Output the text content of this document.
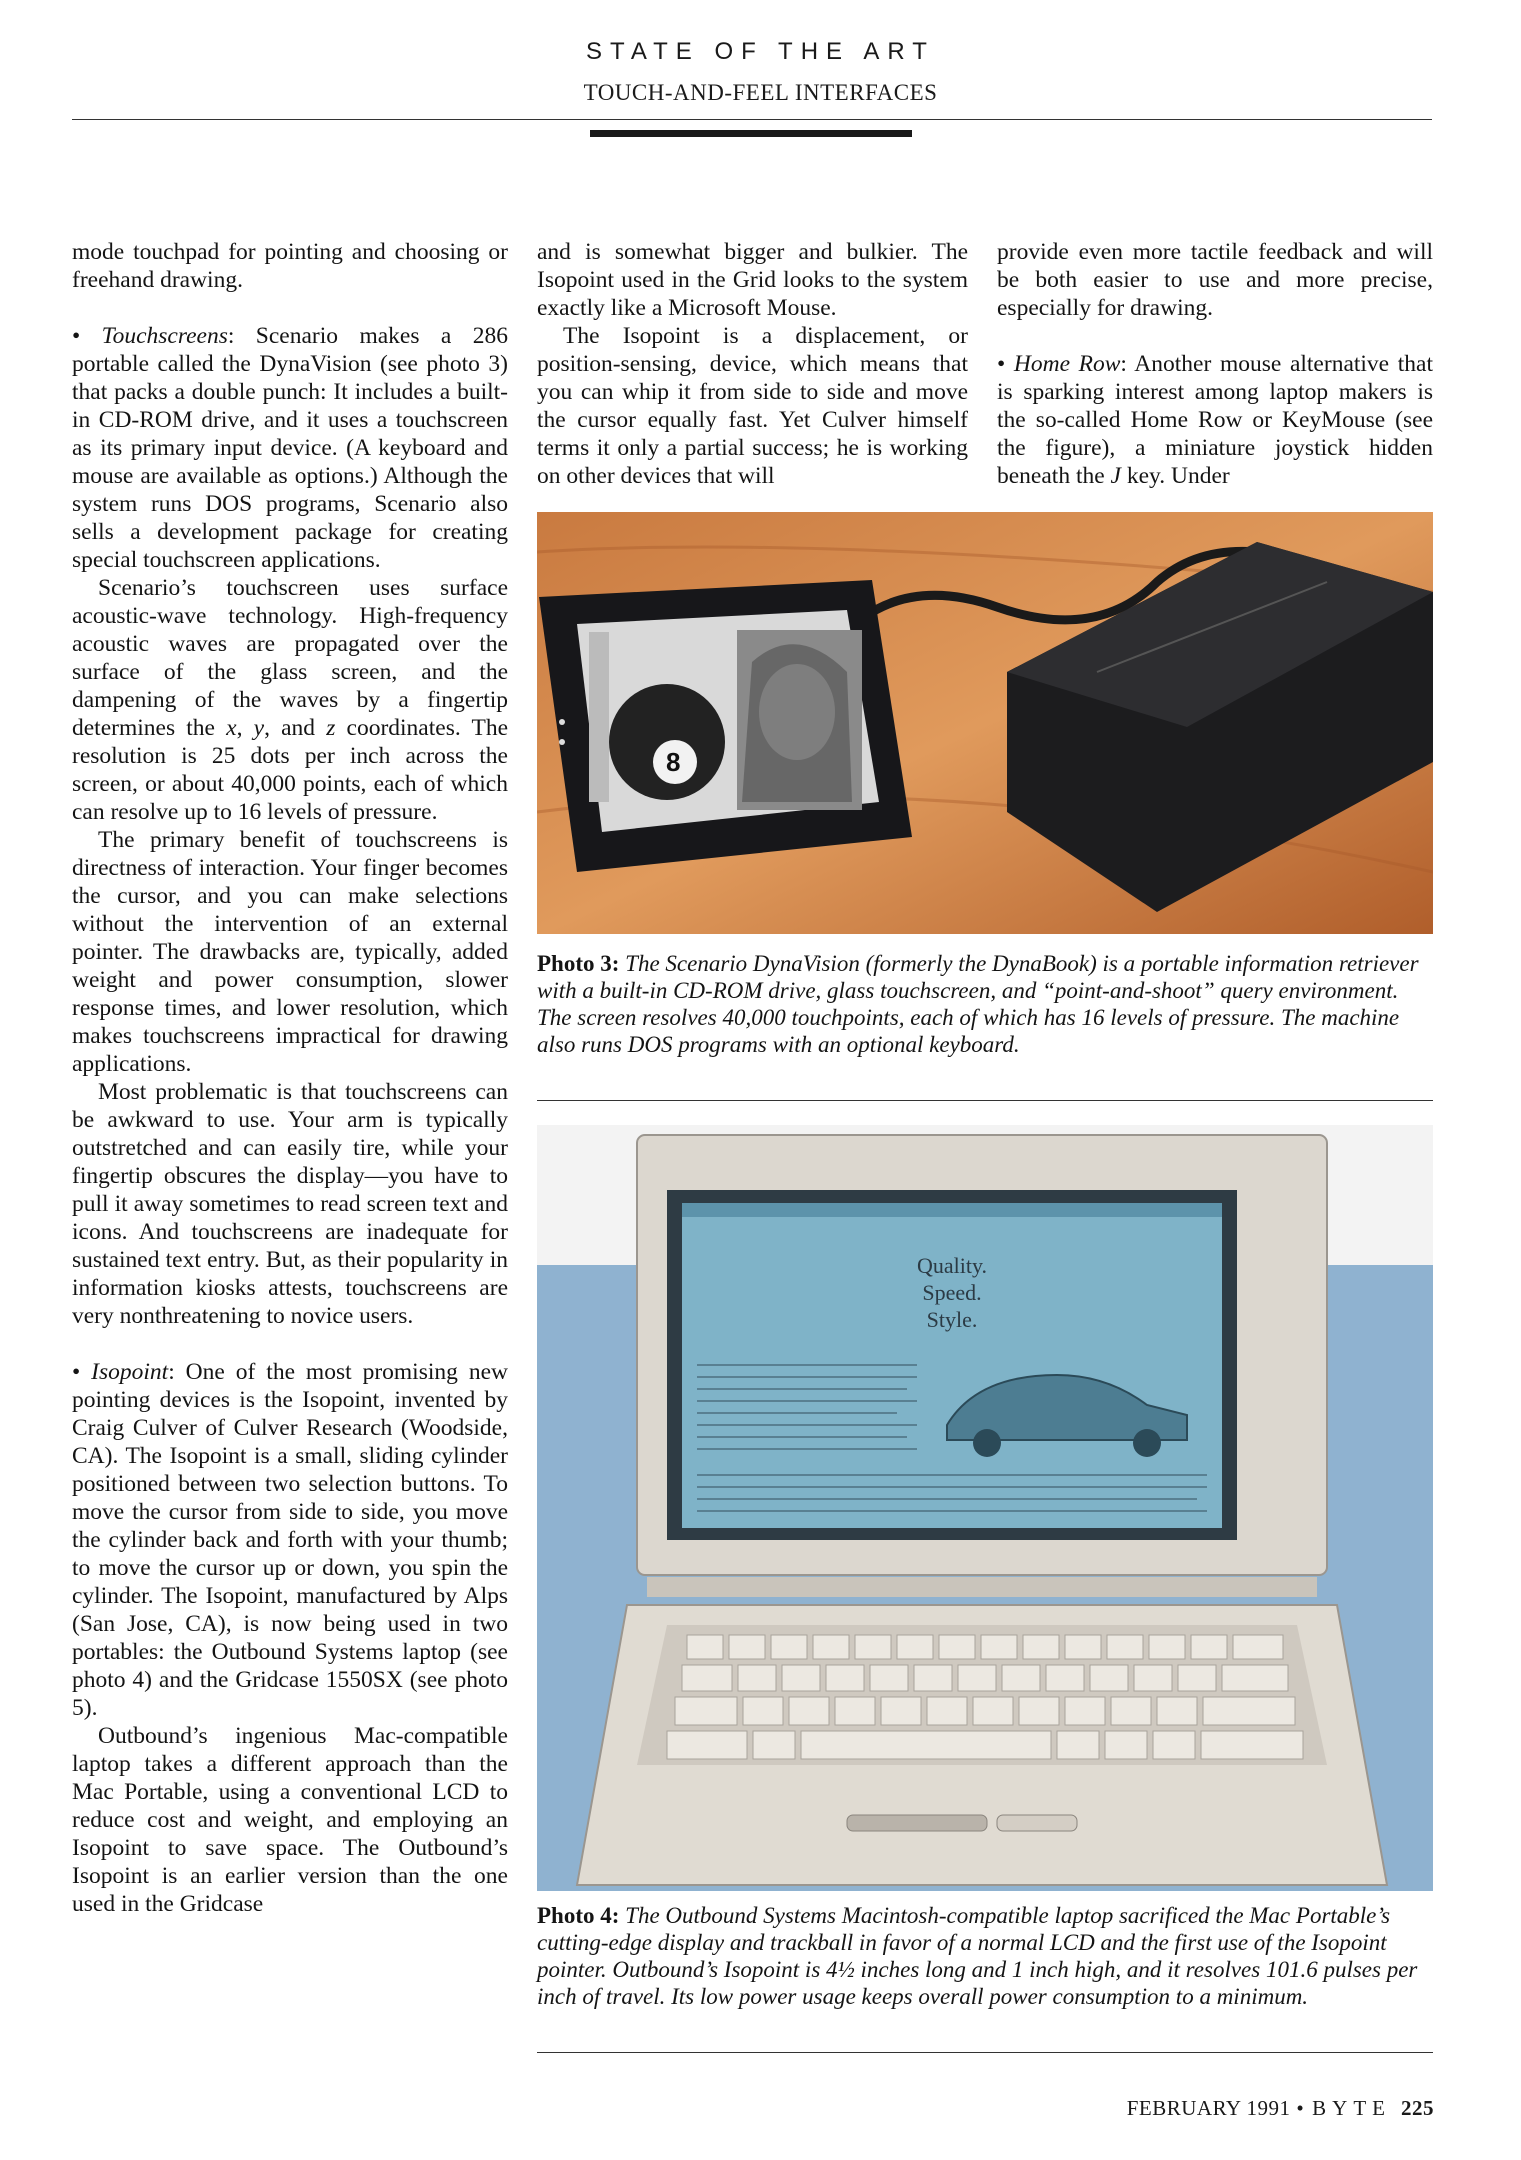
STATE OF THE ART
TOUCH-AND-FEEL INTERFACES

mode touchpad for pointing and choosing or freehand drawing.

• Touchscreens: Scenario makes a 286 portable called the DynaVision (see photo 3) that packs a double punch: It includes a built-in CD-ROM drive, and it uses a touchscreen as its primary input device. (A keyboard and mouse are available as options.) Although the system runs DOS programs, Scenario also sells a development package for creating special touchscreen applications.

Scenario’s touchscreen uses surface acoustic-wave technology. High-frequency acoustic waves are propagated over the surface of the glass screen, and the dampening of the waves by a fingertip determines the x, y, and z coordinates. The resolution is 25 dots per inch across the screen, or about 40,000 points, each of which can resolve up to 16 levels of pressure.

The primary benefit of touchscreens is directness of interaction. Your finger becomes the cursor, and you can make selections without the intervention of an external pointer. The drawbacks are, typically, added weight and power consumption, slower response times, and lower resolution, which makes touchscreens impractical for drawing applications.

Most problematic is that touchscreens can be awkward to use. Your arm is typically outstretched and can easily tire, while your fingertip obscures the display—you have to pull it away sometimes to read screen text and icons. And touchscreens are inadequate for sustained text entry. But, as their popularity in information kiosks attests, touchscreens are very nonthreatening to novice users.

• Isopoint: One of the most promising new pointing devices is the Isopoint, invented by Craig Culver of Culver Research (Woodside, CA). The Isopoint is a small, sliding cylinder positioned between two selection buttons. To move the cursor from side to side, you move the cylinder back and forth with your thumb; to move the cursor up or down, you spin the cylinder. The Isopoint, manufactured by Alps (San Jose, CA), is now being used in two portables: the Outbound Systems laptop (see photo 4) and the Gridcase 1550SX (see photo 5).

Outbound’s ingenious Mac-compatible laptop takes a different approach than the Mac Portable, using a conventional LCD to reduce cost and weight, and employing an Isopoint to save space. The Outbound’s Isopoint is an earlier version than the one used in the Gridcase

and is somewhat bigger and bulkier. The Isopoint used in the Grid looks to the system exactly like a Microsoft Mouse.

The Isopoint is a displacement, or position-sensing, device, which means that you can whip it from side to side and move the cursor equally fast. Yet Culver himself terms it only a partial success; he is working on other devices that will

provide even more tactile feedback and will be both easier to use and more precise, especially for drawing.

• Home Row: Another mouse alternative that is sparking interest among laptop makers is the so-called Home Row or KeyMouse (see the figure), a miniature joystick hidden beneath the J key. Under

8
Photo 3: The Scenario DynaVision (formerly the DynaBook) is a portable information retriever with a built-in CD-ROM drive, glass touchscreen, and “point-and-shoot” query environment. The screen resolves 40,000 touchpoints, each of which has 16 levels of pressure. The machine also runs DOS programs with an optional keyboard.
Quality.
Speed.
Style.
Photo 4: The Outbound Systems Macintosh-compatible laptop sacrificed the Mac Portable’s cutting-edge display and trackball in favor of a normal LCD and the first use of the Isopoint pointer. Outbound’s Isopoint is 4½ inches long and 1 inch high, and it resolves 101.6 pulses per inch of travel. Its low power usage keeps overall power consumption to a minimum.
FEBRUARY 1991 • BYTE 225
